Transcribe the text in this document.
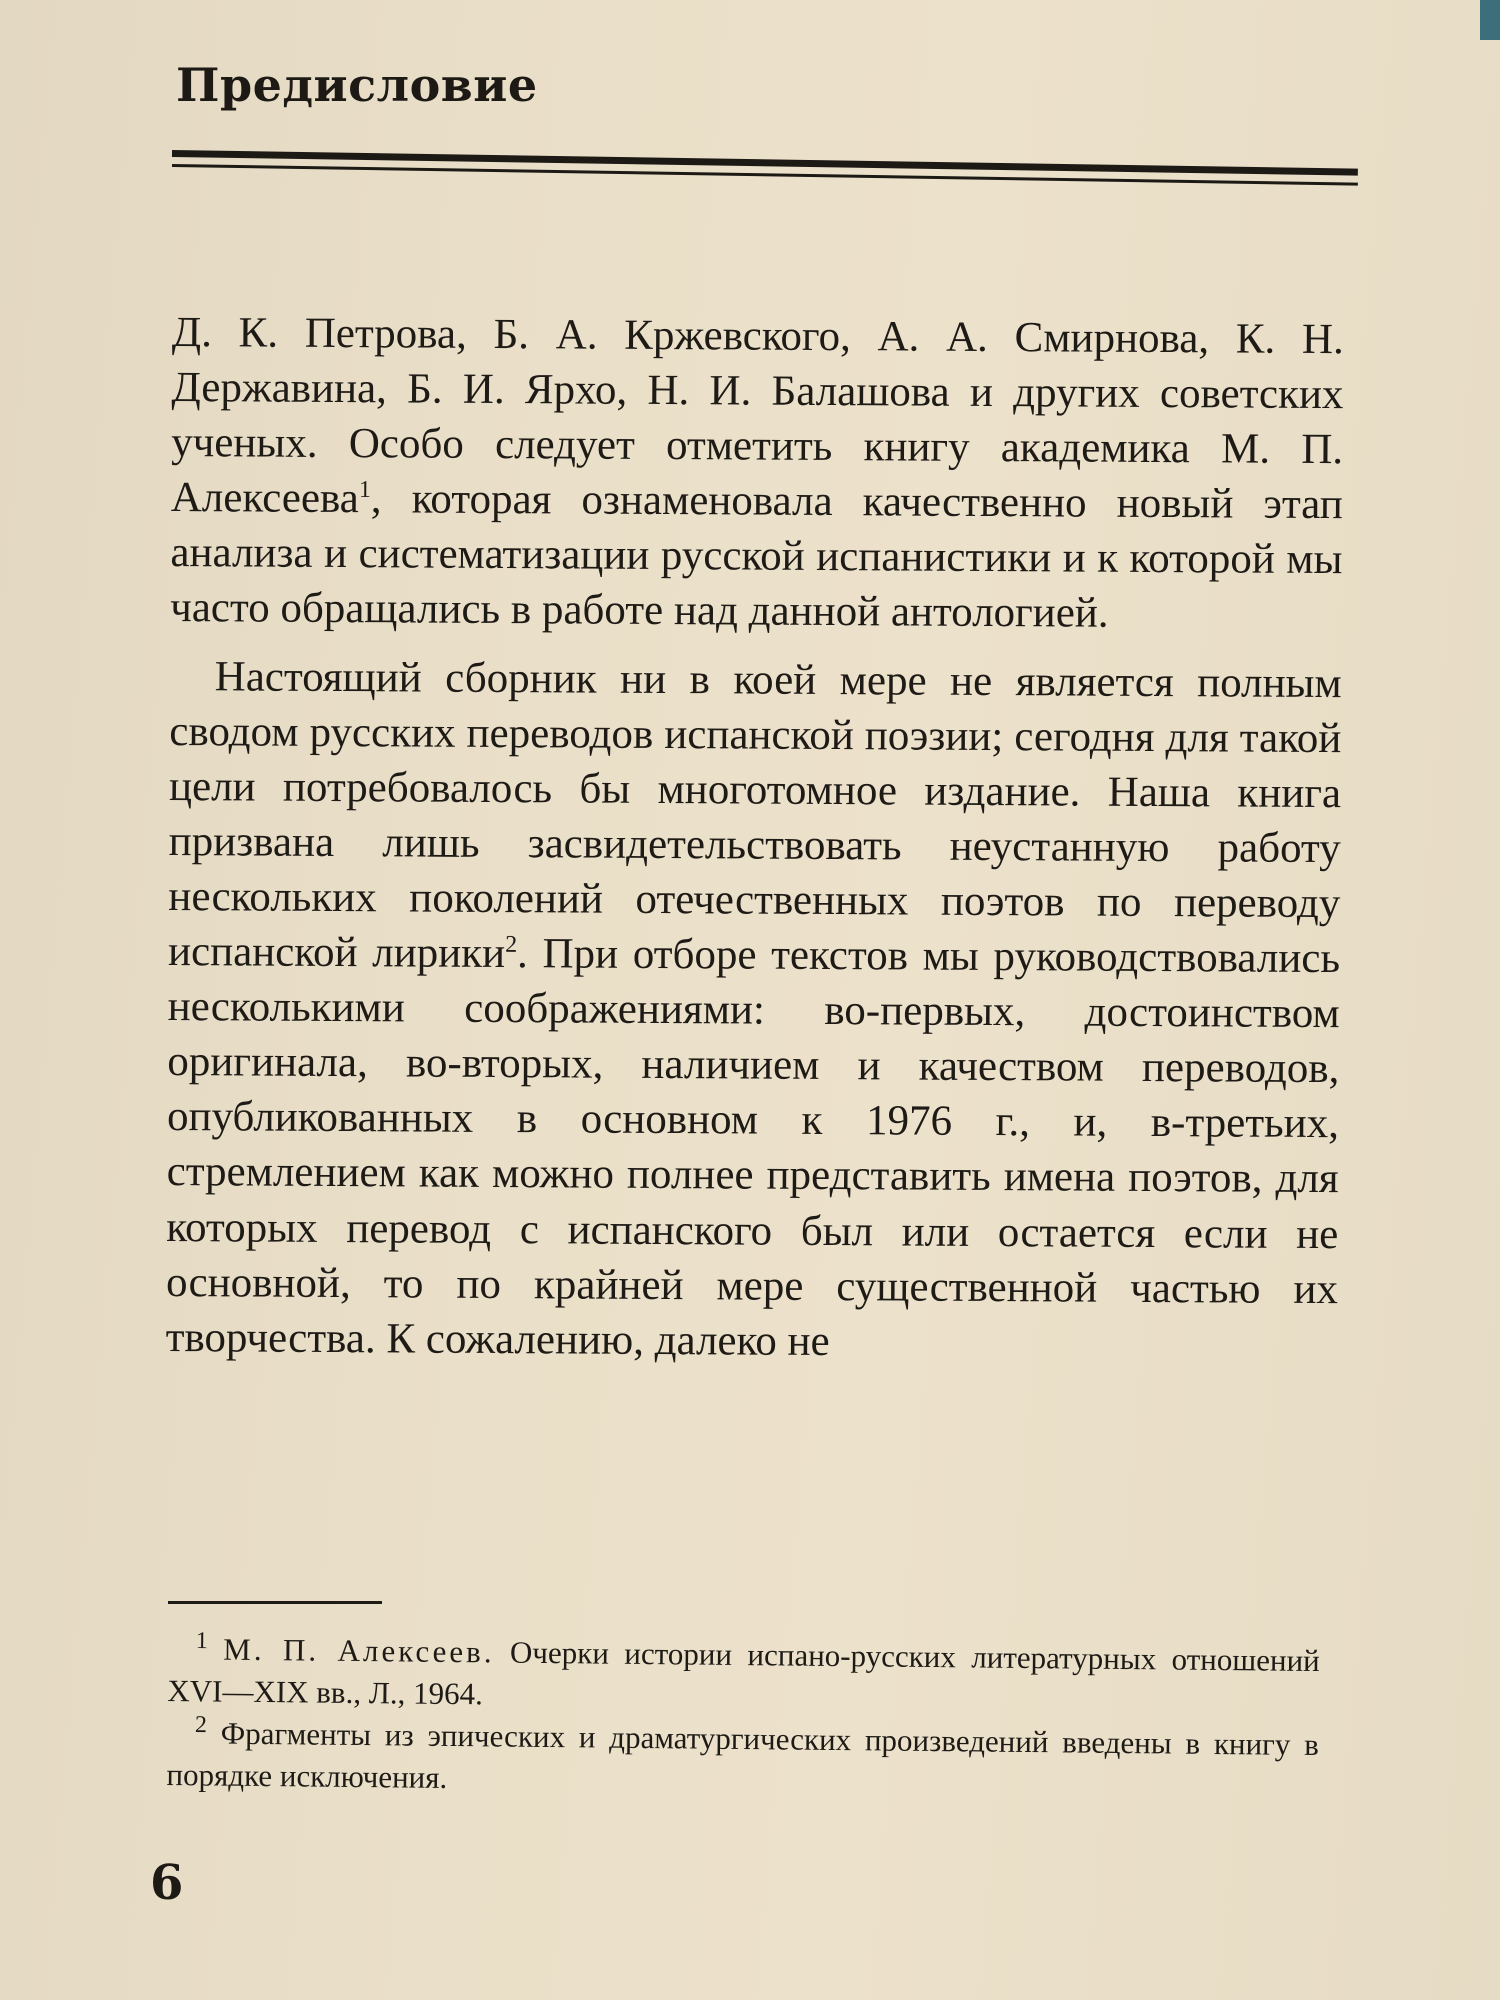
Предисловие

Д. К. Петрова, Б. А. Кржевского, А. А. Смирнова, К. Н. Державина, Б. И. Ярхо, Н. И. Балашова и других советских ученых. Особо следует отметить книгу академика М. П. Алексеева$^1$, которая ознаменовала качественно новый этап анализа и систематизации русской испанистики и к которой мы часто обращались в работе над данной антологией.

Настоящий сборник ни в коей мере не является полным сводом русских переводов испанской поэзии; сегодня для такой цели потребовалось бы многотомное издание. Наша книга призвана лишь засвидетельствовать неустанную работу нескольких поколений отечественных поэтов по переводу испанской лирики$^2$. При отборе текстов мы руководствовались несколькими соображениями: во-первых, достоинством оригинала, во-вторых, наличием и качеством переводов, опубликованных в основном к 1976 г., и, в-третьих, стремлением как можно полнее представить имена поэтов, для которых перевод с испанского был или остается если не основной, то по крайней мере существенной частью их творчества. К сожалению, далеко не

$^1$ М. П. Алексеев. Очерки истории испано-русских литературных отношений XVI—XIX вв., Л., 1964.

$^2$ Фрагменты из эпических и драматургических произведений введены в книгу в порядке исключения.

6
